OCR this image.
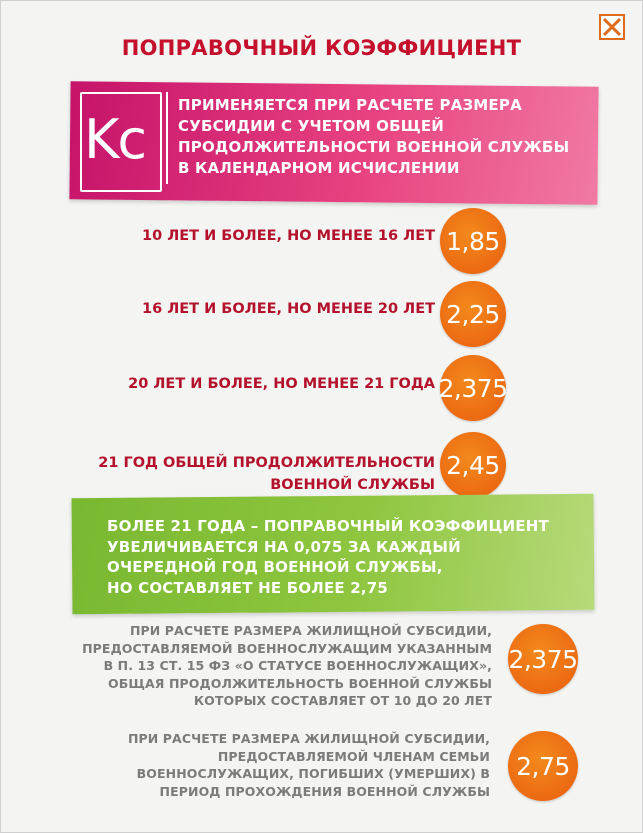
ПОПРАВОЧНЫЙ КОЭФФИЦИЕНТ
Kс
ПРИМЕНЯЕТСЯ ПРИ РАСЧЕТЕ РАЗМЕРА
СУБСИДИИ С УЧЕТОМ ОБЩЕЙ
ПРОДОЛЖИТЕЛЬНОСТИ ВОЕННОЙ СЛУЖБЫ
В КАЛЕНДАРНОМ ИСЧИСЛЕНИИ
10 ЛЕТ И БОЛЕЕ, НО МЕНЕЕ 16 ЛЕТ 1,85
16 ЛЕТ И БОЛЕЕ, НО МЕНЕЕ 20 ЛЕТ 2,25
20 ЛЕТ И БОЛЕЕ, НО МЕНЕЕ 21 ГОДА 2,375
21 ГОД ОБЩЕЙ ПРОДОЛЖИТЕЛЬНОСТИ
ВОЕННОЙ СЛУЖБЫ
2,45
БОЛЕЕ 21 ГОДА – ПОПРАВОЧНЫЙ КОЭФФИЦИЕНТ
УВЕЛИЧИВАЕТСЯ НА 0,075 ЗА КАЖДЫЙ
ОЧЕРЕДНОЙ ГОД ВОЕННОЙ СЛУЖБЫ,
НО СОСТАВЛЯЕТ НЕ БОЛЕЕ 2,75
ПРИ РАСЧЕТЕ РАЗМЕРА ЖИЛИЩНОЙ СУБСИДИИ,
ПРЕДОСТАВЛЯЕМОЙ ВОЕННОСЛУЖАЩИМ УКАЗАННЫМ
В П. 13 СТ. 15 ФЗ «О СТАТУСЕ ВОЕННОСЛУЖАЩИХ»,
ОБЩАЯ ПРОДОЛЖИТЕЛЬНОСТЬ ВОЕННОЙ СЛУЖБЫ
КОТОРЫХ СОСТАВЛЯЕТ ОТ 10 ДО 20 ЛЕТ
2,375
ПРИ РАСЧЕТЕ РАЗМЕРА ЖИЛИЩНОЙ СУБСИДИИ,
ПРЕДОСТАВЛЯЕМОЙ ЧЛЕНАМ СЕМЬИ
ВОЕННОСЛУЖАЩИХ, ПОГИБШИХ (УМЕРШИХ) В
ПЕРИОД ПРОХОЖДЕНИЯ ВОЕННОЙ СЛУЖБЫ
2,75
